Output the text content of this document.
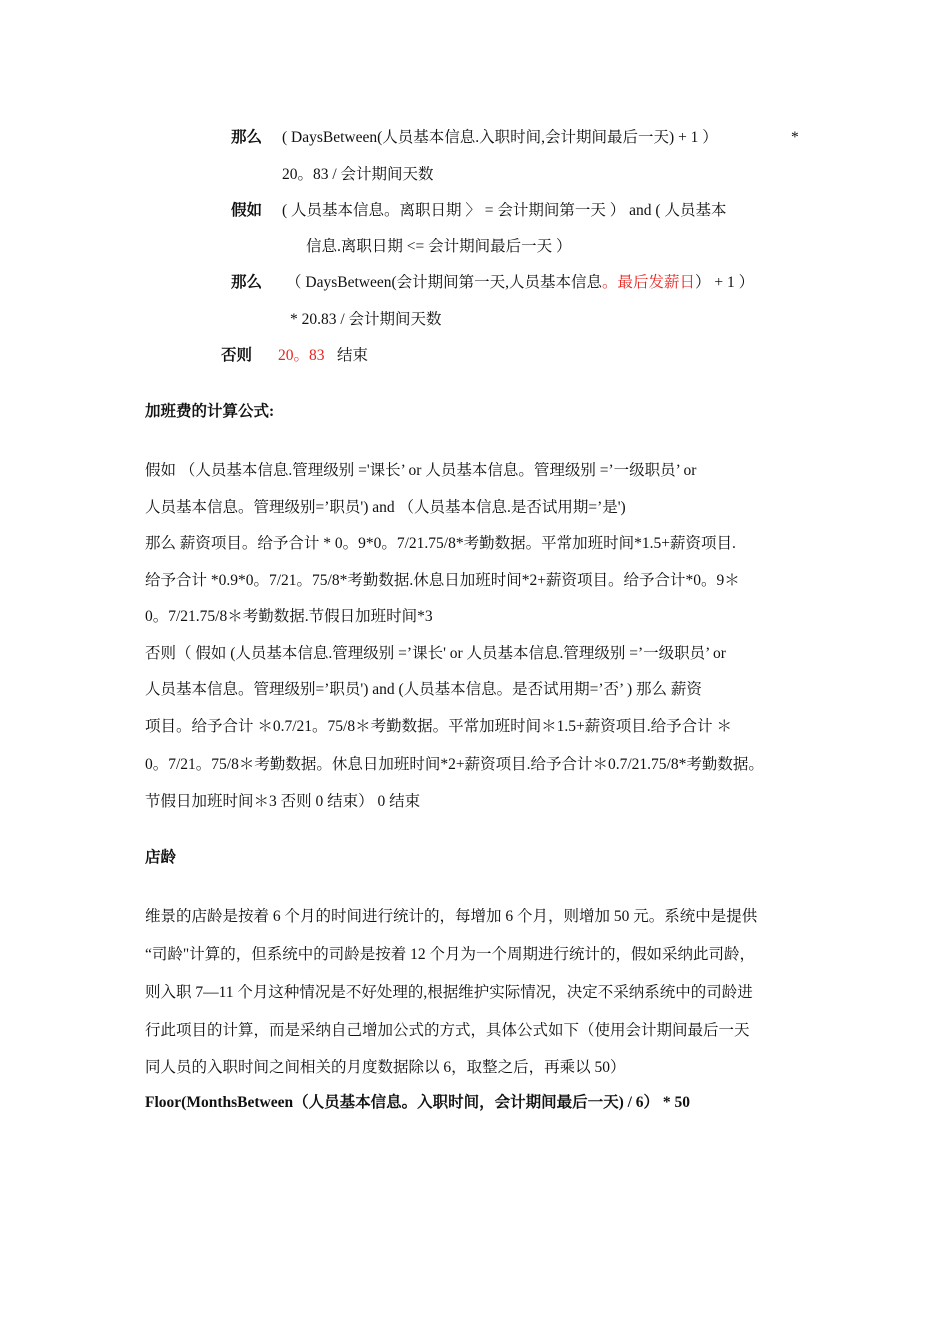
那么 ( DaysBetween(人员基本信息.入职时间,会计期间最后一天) + 1 ）	*
20。83 / 会计期间天数
假如 ( 人员基本信息。离职日期 〉 = 会计期间第一天 ） and ( 人员基本
信息.离职日期 <= 会计期间最后一天 ）
那么 （ DaysBetween(会计期间第一天,人员基本信息。最后发薪日） + 1 ）
* 20.83 / 会计期间天数
否则 20。83 结束
加班费的计算公式:
假如 （人员基本信息.管理级别 ='课长’ or 人员基本信息。管理级别 =’一级职员’ or
人员基本信息。管理级别=’职员') and （人员基本信息.是否试用期=’是')
那么 薪资项目。给予合计 * 0。9*0。7/21.75/8*考勤数据。平常加班时间*1.5+薪资项目.
给予合计 *0.9*0。7/21。75/8*考勤数据.休息日加班时间*2+薪资项目。给予合计*0。9＊
0。7/21.75/8＊考勤数据.节假日加班时间*3
否则（ 假如 (人员基本信息.管理级别 =’课长' or 人员基本信息.管理级别 =’一级职员’ or
人员基本信息。管理级别=’职员') and (人员基本信息。是否试用期=’否’ ) 那么 薪资
项目。给予合计 ＊0.7/21。75/8＊考勤数据。平常加班时间＊1.5+薪资项目.给予合计 ＊
0。7/21。75/8＊考勤数据。休息日加班时间*2+薪资项目.给予合计＊0.7/21.75/8*考勤数据。
节假日加班时间＊3 否则 0 结束） 0 结束
店龄
维景的店龄是按着 6 个月的时间进行统计的，每增加 6 个月，则增加 50 元。系统中是提供
“司龄"计算的，但系统中的司龄是按着 12 个月为一个周期进行统计的，假如采纳此司龄，
则入职 7—11 个月这种情况是不好处理的,根据维护实际情况，决定不采纳系统中的司龄进
行此项目的计算，而是采纳自己增加公式的方式，具体公式如下（使用会计期间最后一天
同人员的入职时间之间相关的月度数据除以 6，取整之后，再乘以 50）
Floor(MonthsBetween（人员基本信息。入职时间，会计期间最后一天) / 6） * 50
